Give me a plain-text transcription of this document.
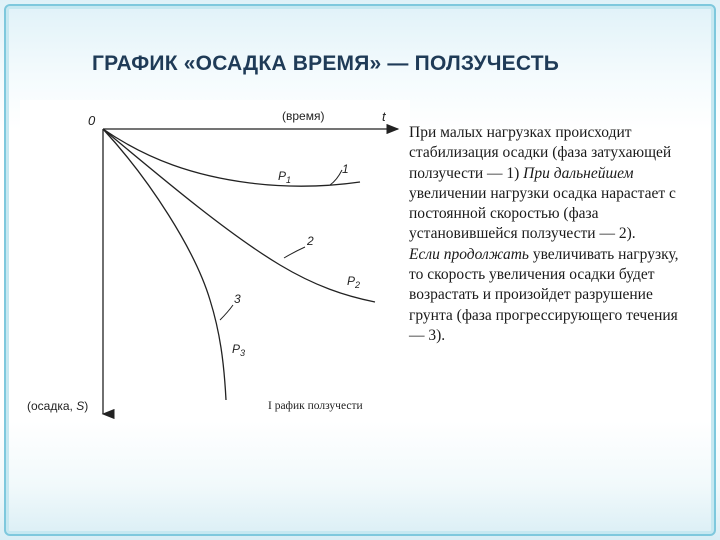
ГРАФИК «ОСАДКА ВРЕМЯ» — ПОЛЗУЧЕСТЬ
0	(время)	t
(осадка, S)
1
$P_1$
2
$P_2$
3
$P_3$
I рафик ползучести
При малых нагрузках происходит стабилизация осадки (фаза затухающей ползучести — 1) При дальнейшем увеличении нагрузки осадка нарастает с постоянной скоростью (фаза установившейся ползучести — 2).
Если продолжать увеличивать нагрузку, то скорость увеличения осадки будет возрастать и произойдет разрушение грунта (фаза прогрессирующего течения — 3).
